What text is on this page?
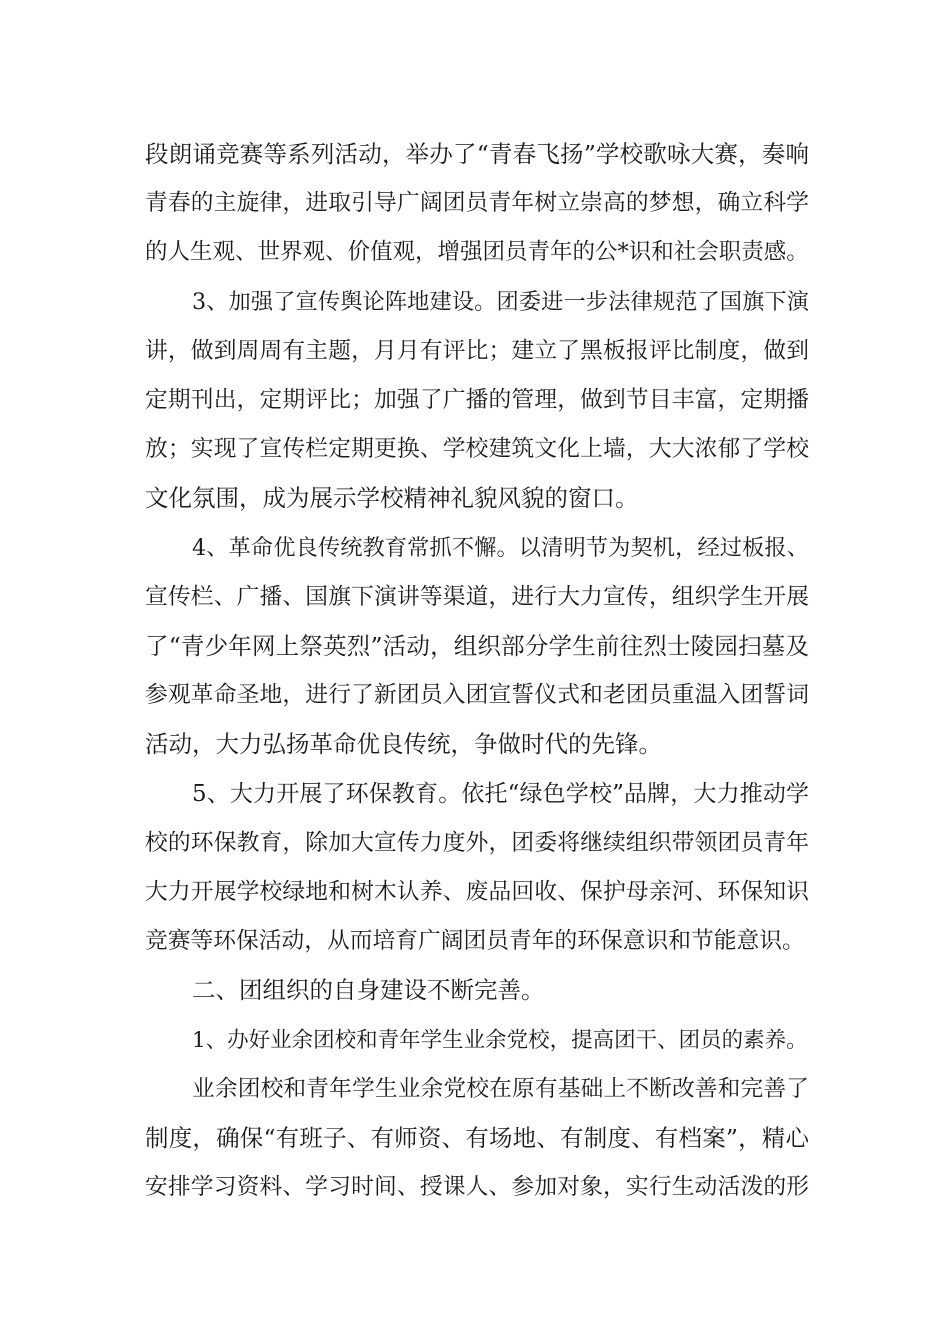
段朗诵竞赛等系列活动，举办了“青春飞扬”学校歌咏大赛，奏响
青春的主旋律，进取引导广阔团员青年树立崇高的梦想，确立科学
的人生观、世界观、价值观，增强团员青年的公*识和社会职责感。
3、加强了宣传舆论阵地建设。团委进一步法律规范了国旗下演
讲，做到周周有主题，月月有评比；建立了黑板报评比制度，做到
定期刊出，定期评比；加强了广播的管理，做到节目丰富，定期播
放；实现了宣传栏定期更换、学校建筑文化上墙，大大浓郁了学校
文化氛围，成为展示学校精神礼貌风貌的窗口。
4、革命优良传统教育常抓不懈。以清明节为契机，经过板报、
宣传栏、广播、国旗下演讲等渠道，进行大力宣传，组织学生开展
了“青少年网上祭英烈”活动，组织部分学生前往烈士陵园扫墓及
参观革命圣地，进行了新团员入团宣誓仪式和老团员重温入团誓词
活动，大力弘扬革命优良传统，争做时代的先锋。
5、大力开展了环保教育。依托“绿色学校”品牌，大力推动学
校的环保教育，除加大宣传力度外，团委将继续组织带领团员青年
大力开展学校绿地和树木认养、废品回收、保护母亲河、环保知识
竞赛等环保活动，从而培育广阔团员青年的环保意识和节能意识。
二、团组织的自身建设不断完善。
1、办好业余团校和青年学生业余党校，提高团干、团员的素养。
业余团校和青年学生业余党校在原有基础上不断改善和完善了
制度，确保“有班子、有师资、有场地、有制度、有档案”，精心
安排学习资料、学习时间、授课人、参加对象，实行生动活泼的形
